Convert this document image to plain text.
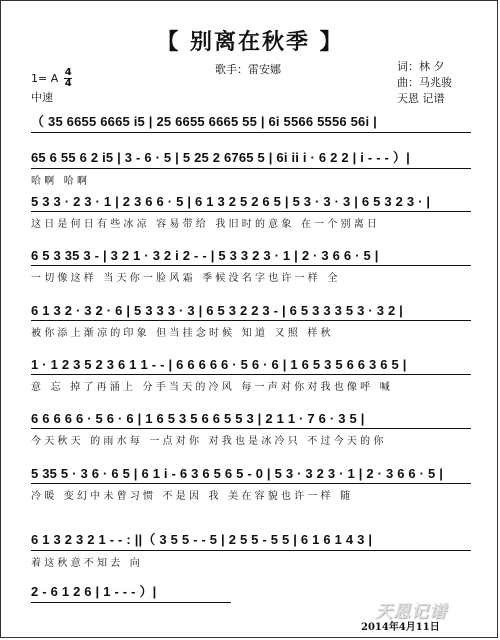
【 别离在秋季 】
歌手：雷安娜
1= A 4
4
中速
词：林 夕
曲：马兆骏
天恩 记谱
（ 35 6655 6665 i5 | 25 6655 6665 55 | 6i 5566 5556 56i |
65 6 55 6 2 i5 | 3 - 6 · 5 | 5 25 2 6765 5 | 6i ii i · 6 2 2 | i - - - ）|
哈啊 哈啊
5 3 3 · 2 3 · 1 | 2 3 6 6 · 5 | 6 1 3 2 5 2 6 5 | 5 3 · 3 · 3 | 6 5 3 2 3 · |
这日是何日有些冰凉 容易带给 我旧时的意象 在一个别离日
6 5 3 35 3 - | 3 2 1 · 3 2 i 2 - - | 5 3 3 2 3 · 1 | 2 · 3 6 6 · 5 |
一切像这样 当天你一脸风霜 季候没名字也许一样 全
6 1 3 2 · 3 2 · 6 | 5 3 3 3 · 3 | 6 5 3 2 2 3 - | 6 5 3 3 3 5 3 · 3 2 |
被你添上渐凉的印象 但当挂念时候 知道 又照 样秋
1 · 1 2 3 5 2 3 6 1 1 - - | 6 6 6 6 6 · 5 6 · 6 | 1 6 5 3 5 6 6 3 6 5 |
意 忘 掉了再涌上 分手当天的冷风 每一声对你对我也像呼 喊
6 6 6 6 6 · 5 6 · 6 | 1 6 5 3 5 6 6 5 5 3 | 2 1 1 · 7 6 · 3 5 |
今天秋天 的雨水每 一点对你 对我也是冰冷只 不过今天的你
5 35 5 · 3 6 · 6 5 | 6 1 i - 6 3 6 5 6 5 - 0 | 5 3 · 3 2 3 · 1 | 2 · 3 6 6 · 5 |
冷暖 变幻中未曾习惯 不是因 我 美在容貌也许一样 随
6 1 3 2 3 2 1 - - : ||（ 3 5 5 - - 5 | 2 5 5 - 5 5 | 6 1 6 1 4 3 |
着这秋意不知去 向
2 - 6 1 2 6 | 1 - - - ）|
天恩记谱
2014年4月11日
